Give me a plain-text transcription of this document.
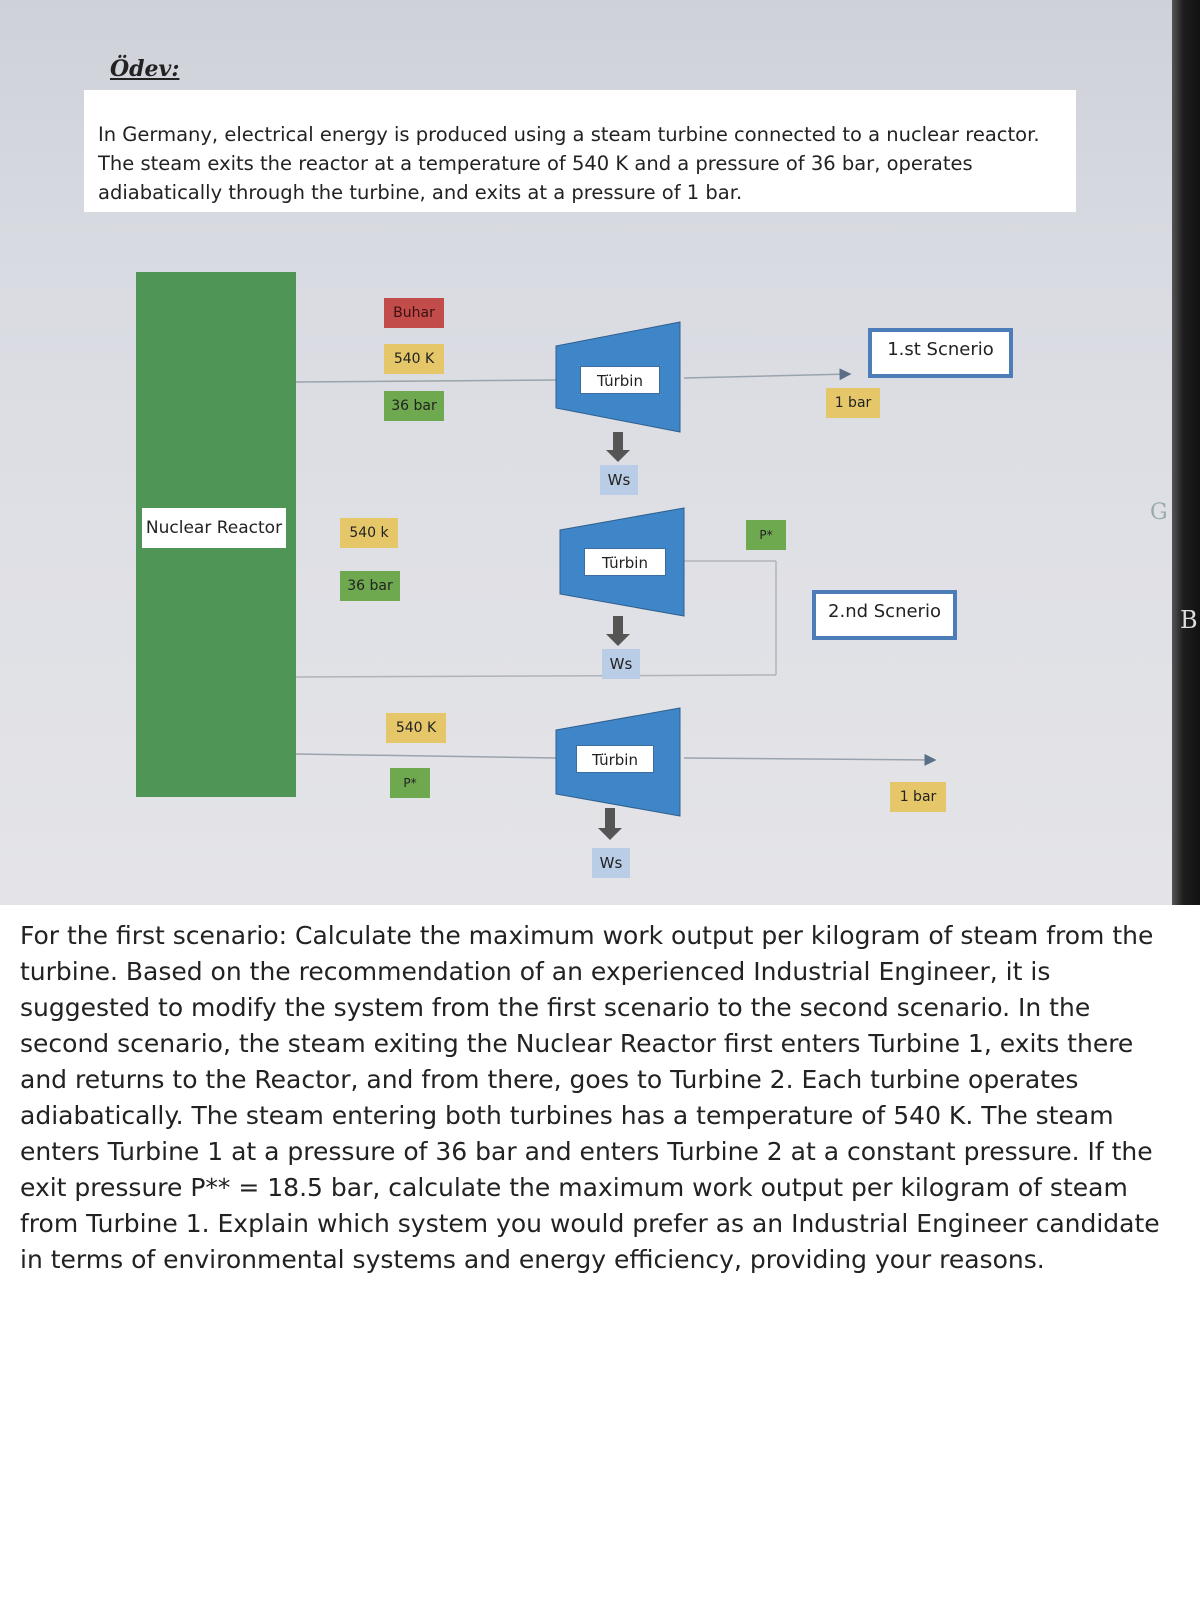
Ödev:
In Germany, electrical energy is produced using a steam turbine connected to a nuclear reactor. The steam exits the reactor at a temperature of 540 K and a pressure of 36 bar, operates adiabatically through the turbine, and exits at a pressure of 1 bar.
Nuclear Reactor
Buhar
540 K
36 bar
Türbin
Ws
1 bar
1.st Scnerio
540 k
36 bar
Türbin
Ws
P*
2.nd Scnerio
540 K
P*
Türbin
Ws
1 bar
G
B

For the first scenario: Calculate the maximum work output per kilogram of steam from the turbine. Based on the recommendation of an experienced Industrial Engineer, it is suggested to modify the system from the first scenario to the second scenario. In the second scenario, the steam exiting the Nuclear Reactor first enters Turbine 1, exits there and returns to the Reactor, and from there, goes to Turbine 2. Each turbine operates adiabatically. The steam entering both turbines has a temperature of 540 K. The steam enters Turbine 1 at a pressure of 36 bar and enters Turbine 2 at a constant pressure. If the exit pressure P** = 18.5 bar, calculate the maximum work output per kilogram of steam from Turbine 1. Explain which system you would prefer as an Industrial Engineer candidate in terms of environmental systems and energy efficiency, providing your reasons.
